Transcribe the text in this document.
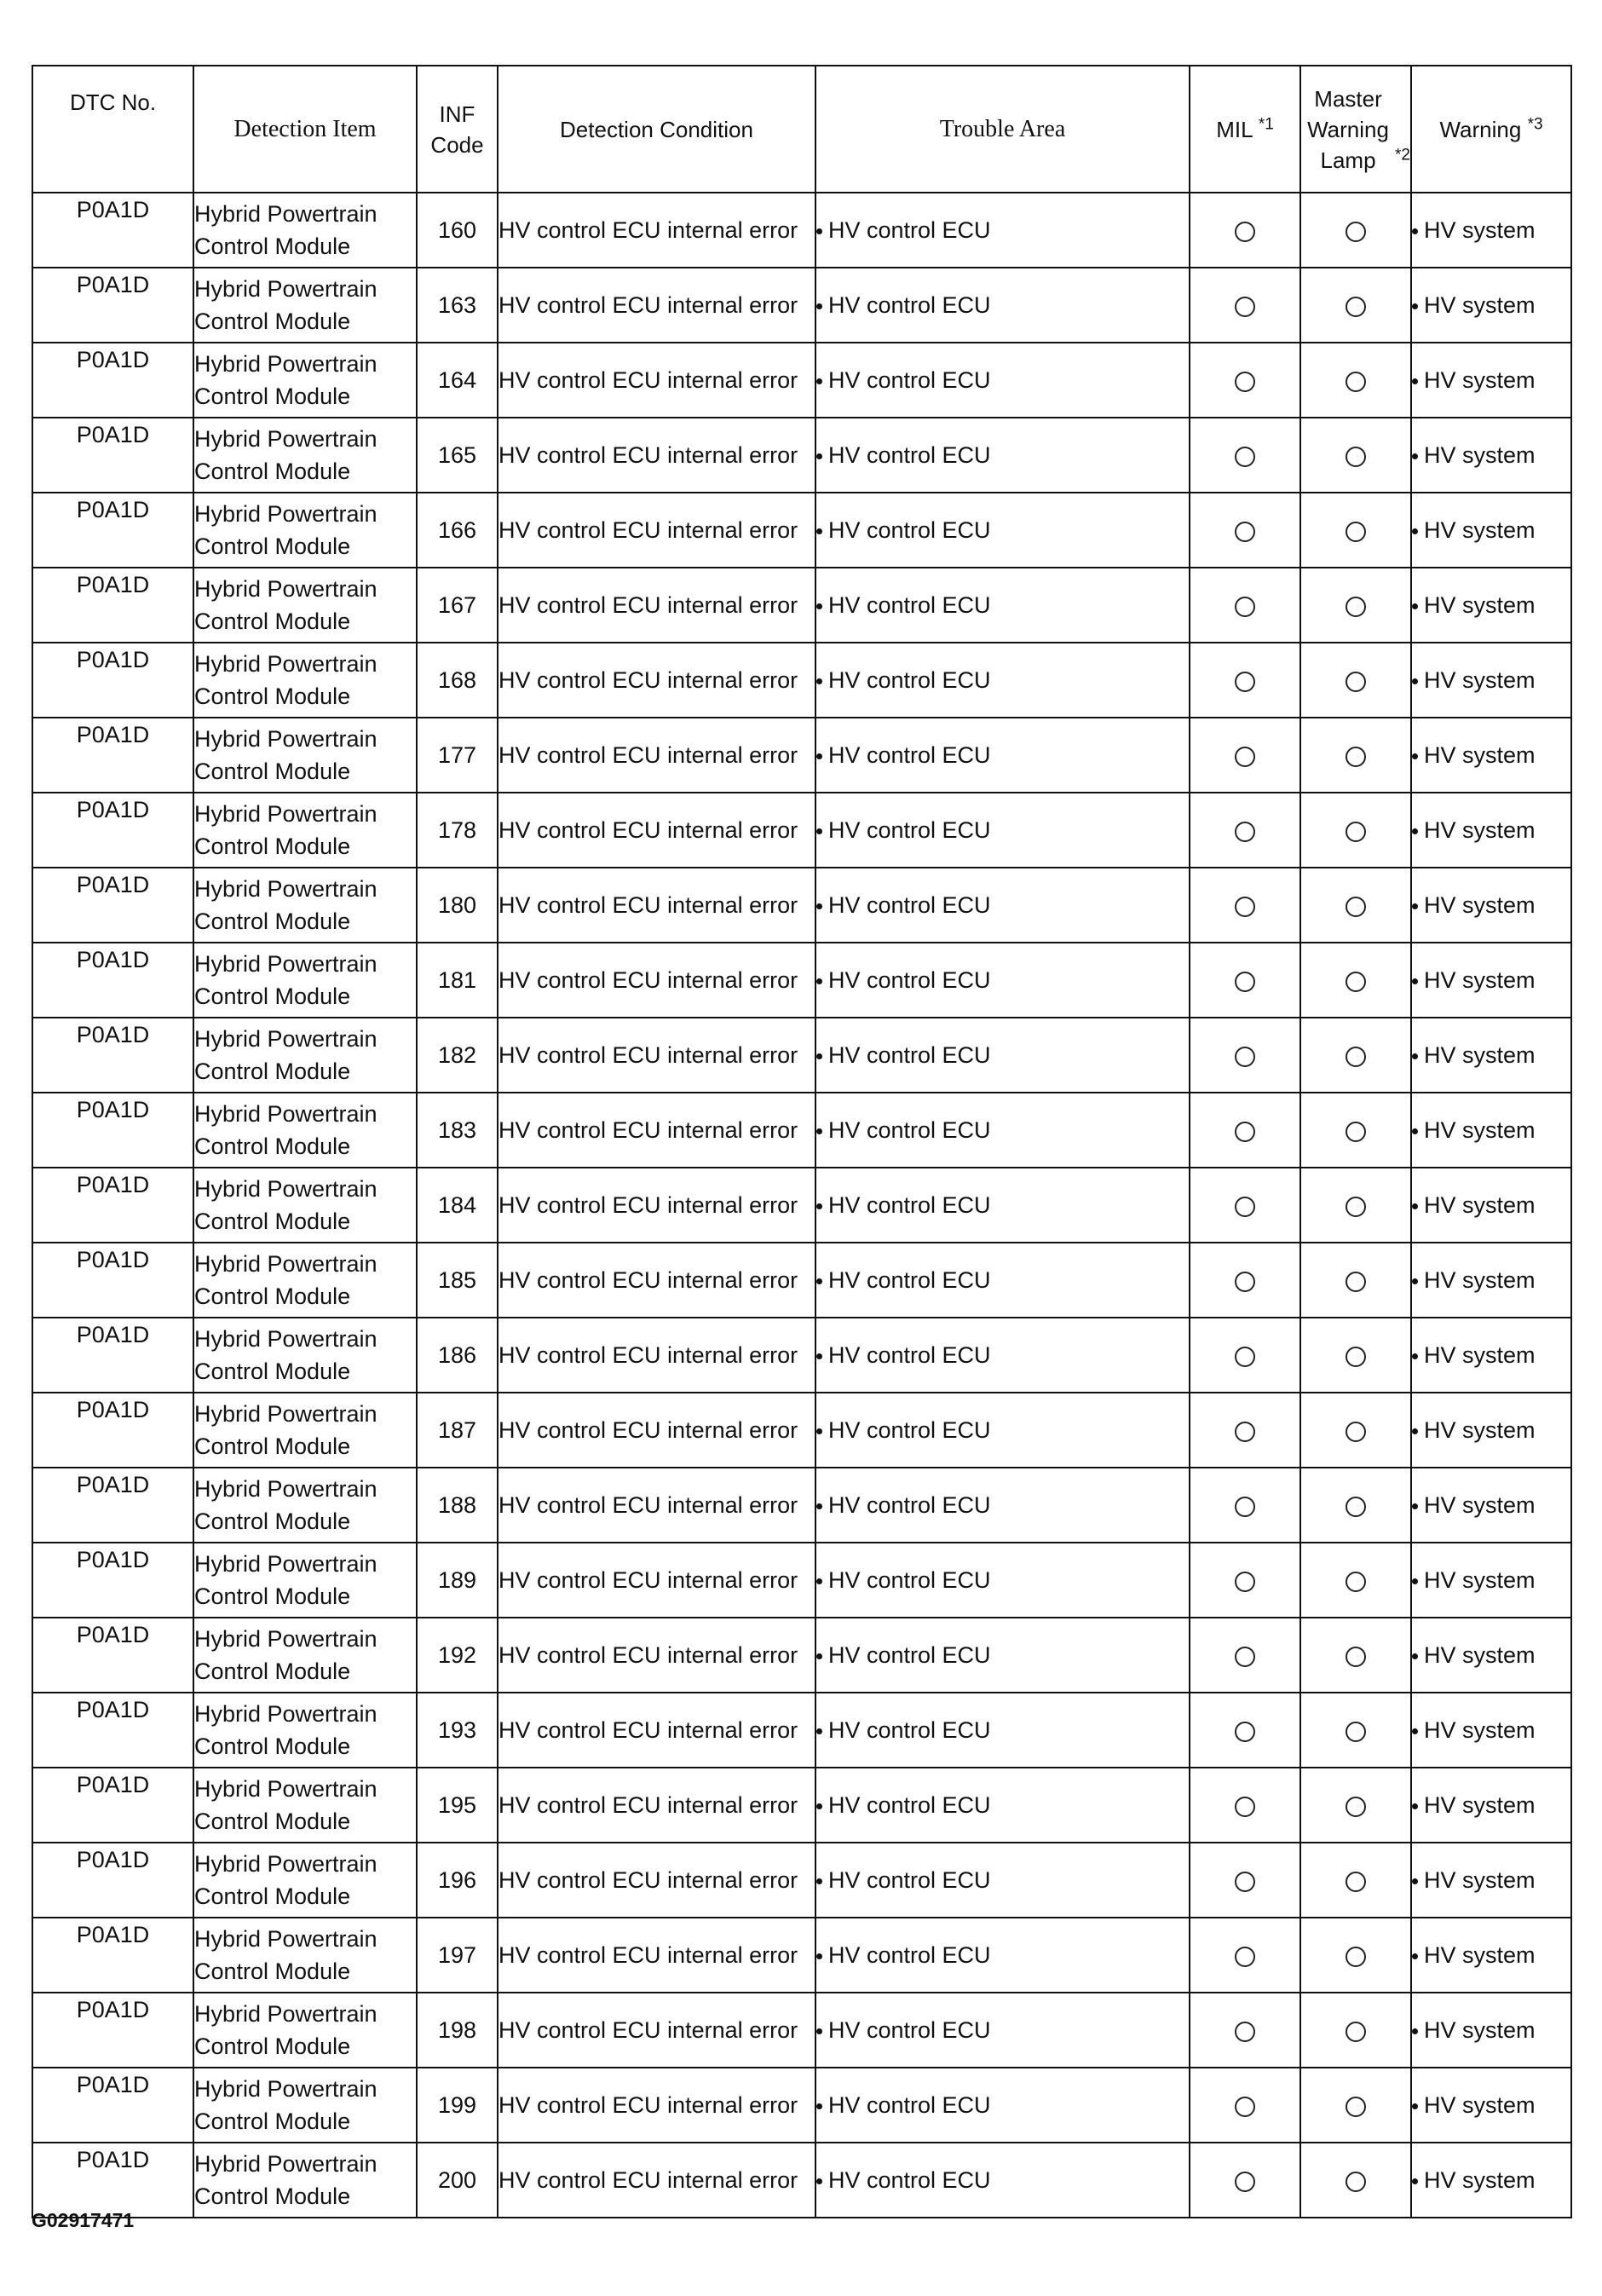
DTC No.	Detection Item	INF Code	Detection Condition	Trouble Area	MIL $^{*1}$	Master Warning Lamp $^{*2}$	Warning $^{*3}$
P0A1D	Hybrid Powertrain Control Module	160	HV control ECU internal error	HV control ECU			HV system
P0A1D	Hybrid Powertrain Control Module	163	HV control ECU internal error	HV control ECU			HV system
P0A1D	Hybrid Powertrain Control Module	164	HV control ECU internal error	HV control ECU			HV system
P0A1D	Hybrid Powertrain Control Module	165	HV control ECU internal error	HV control ECU			HV system
P0A1D	Hybrid Powertrain Control Module	166	HV control ECU internal error	HV control ECU			HV system
P0A1D	Hybrid Powertrain Control Module	167	HV control ECU internal error	HV control ECU			HV system
P0A1D	Hybrid Powertrain Control Module	168	HV control ECU internal error	HV control ECU			HV system
P0A1D	Hybrid Powertrain Control Module	177	HV control ECU internal error	HV control ECU			HV system
P0A1D	Hybrid Powertrain Control Module	178	HV control ECU internal error	HV control ECU			HV system
P0A1D	Hybrid Powertrain Control Module	180	HV control ECU internal error	HV control ECU			HV system
P0A1D	Hybrid Powertrain Control Module	181	HV control ECU internal error	HV control ECU			HV system
P0A1D	Hybrid Powertrain Control Module	182	HV control ECU internal error	HV control ECU			HV system
P0A1D	Hybrid Powertrain Control Module	183	HV control ECU internal error	HV control ECU			HV system
P0A1D	Hybrid Powertrain Control Module	184	HV control ECU internal error	HV control ECU			HV system
P0A1D	Hybrid Powertrain Control Module	185	HV control ECU internal error	HV control ECU			HV system
P0A1D	Hybrid Powertrain Control Module	186	HV control ECU internal error	HV control ECU			HV system
P0A1D	Hybrid Powertrain Control Module	187	HV control ECU internal error	HV control ECU			HV system
P0A1D	Hybrid Powertrain Control Module	188	HV control ECU internal error	HV control ECU			HV system
P0A1D	Hybrid Powertrain Control Module	189	HV control ECU internal error	HV control ECU			HV system
P0A1D	Hybrid Powertrain Control Module	192	HV control ECU internal error	HV control ECU			HV system
P0A1D	Hybrid Powertrain Control Module	193	HV control ECU internal error	HV control ECU			HV system
P0A1D	Hybrid Powertrain Control Module	195	HV control ECU internal error	HV control ECU			HV system
P0A1D	Hybrid Powertrain Control Module	196	HV control ECU internal error	HV control ECU			HV system
P0A1D	Hybrid Powertrain Control Module	197	HV control ECU internal error	HV control ECU			HV system
P0A1D	Hybrid Powertrain Control Module	198	HV control ECU internal error	HV control ECU			HV system
P0A1D	Hybrid Powertrain Control Module	199	HV control ECU internal error	HV control ECU			HV system
P0A1D	Hybrid Powertrain Control Module	200	HV control ECU internal error	HV control ECU			HV system
G02917471
